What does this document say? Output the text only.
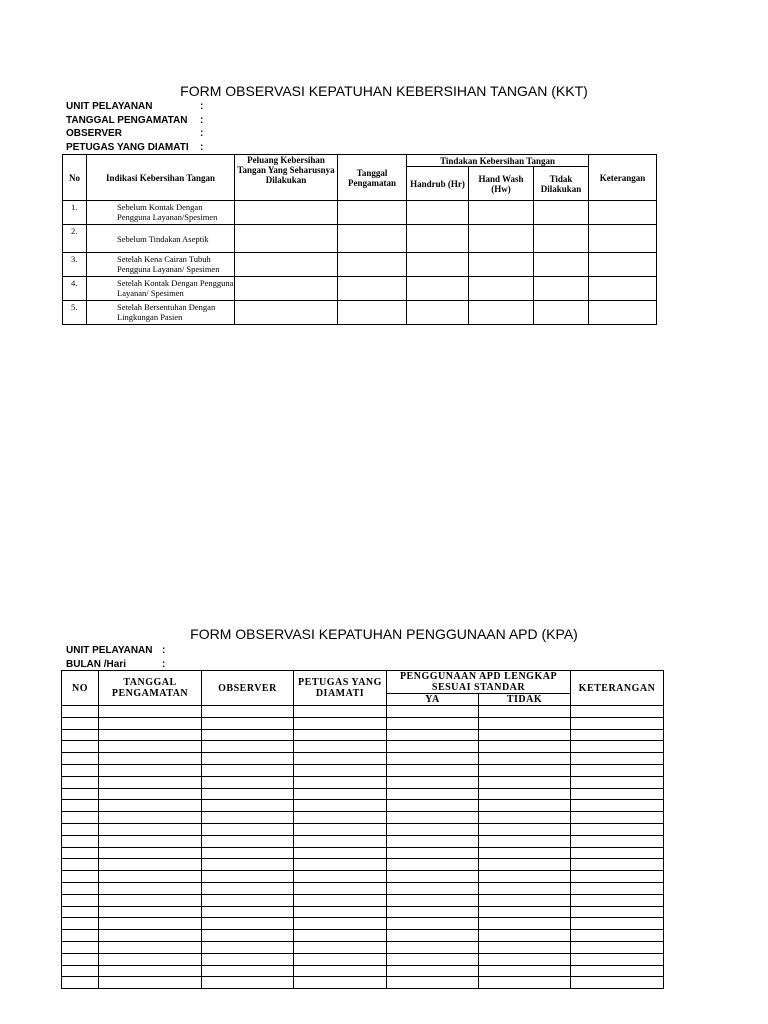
FORM OBSERVASI KEPATUHAN KEBERSIHAN TANGAN (KKT)
UNIT PELAYANAN	:
TANGGAL PENGAMATAN	:
OBSERVER	:
PETUGAS YANG DIAMATI	:
No	Indikasi Kebersihan Tangan	Peluang Kebersihan Tangan Yang Seharusnya Dilakukan	Tanggal Pengamatan	Tindakan Kebersihan Tangan			Keterangan
				Handrub (Hr)	Hand Wash (Hw)	Tidak Dilakukan	
1.	Sebelum Kontak Dengan Pengguna Layanan/Spesimen						
2.	Sebelum Tindakan Aseptik						
3.	Setelah Kena Cairan Tubuh Pengguna Layanan/ Spesimen						
4.	Setelah Kontak Dengan Pengguna Layanan/ Spesimen						
5.	Setelah Bersentuhan Dengan Lingkungan Pasien						
FORM OBSERVASI KEPATUHAN PENGGUNAAN APD (KPA)
UNIT PELAYANAN :
BULAN /Hari	:
NO	TANGGAL PENGAMATAN	OBSERVER	PETUGAS YANG DIAMATI	PENGGUNAAN APD LENGKAP SESUAI STANDAR		KETERANGAN
				YA	TIDAK	
